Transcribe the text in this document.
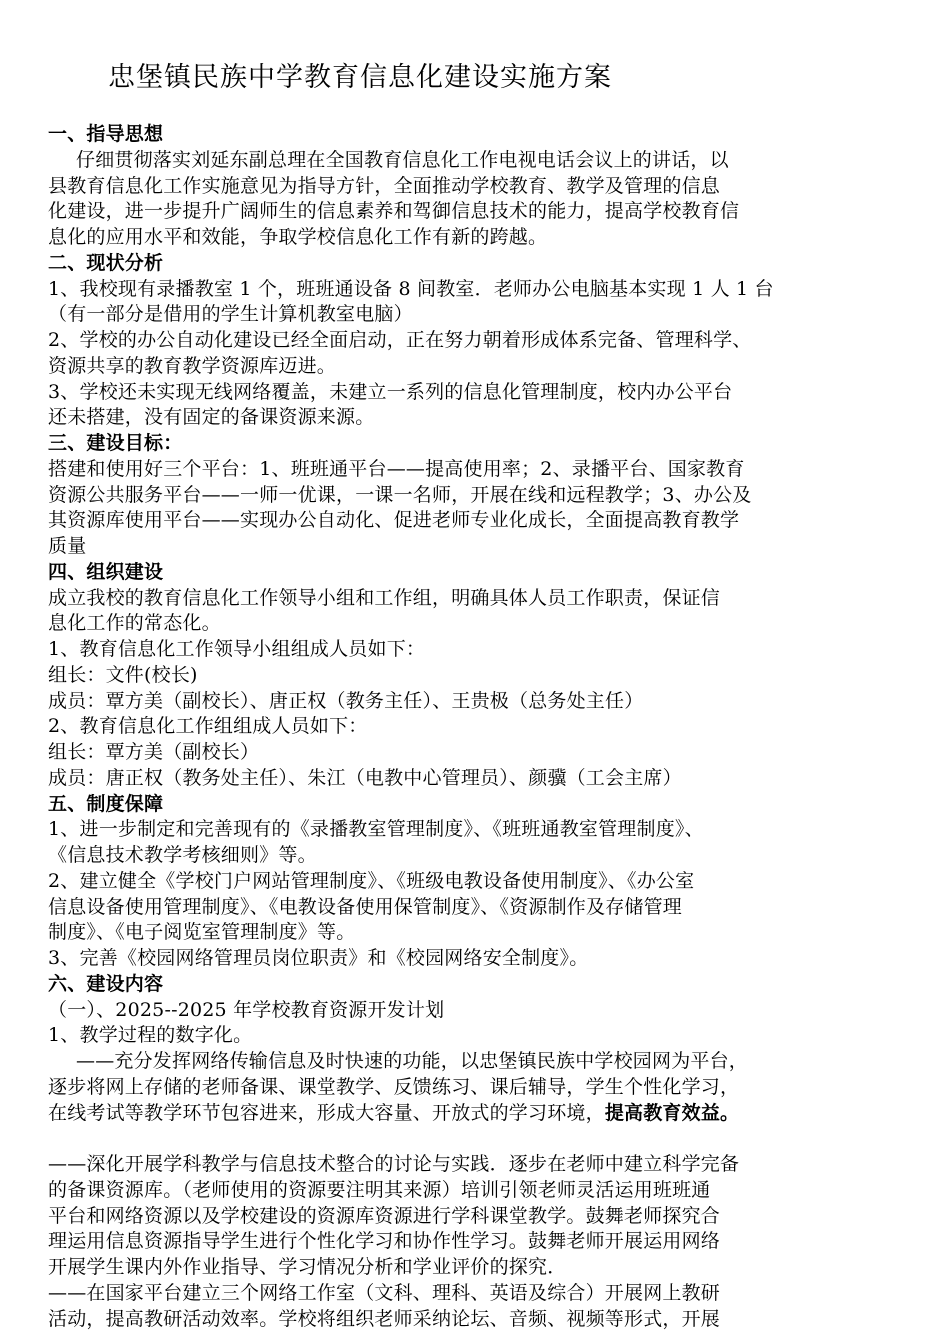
忠堡镇民族中学教育信息化建设实施方案
一、指导思想
仔细贯彻落实刘延东副总理在全国教育信息化工作电视电话会议上的讲话，以
县教育信息化工作实施意见为指导方针，全面推动学校教育、教学及管理的信息
化建设，进一步提升广阔师生的信息素养和驾御信息技术的能力，提高学校教育信
息化的应用水平和效能，争取学校信息化工作有新的跨越。
二、现状分析
1、我校现有录播教室 1 个，班班通设备 8 间教室．老师办公电脑基本实现 1 人 1 台
（有一部分是借用的学生计算机教室电脑）
2、学校的办公自动化建设已经全面启动，正在努力朝着形成体系完备、管理科学、
资源共享的教育教学资源库迈进。
3、学校还未实现无线网络覆盖，未建立一系列的信息化管理制度，校内办公平台
还未搭建，没有固定的备课资源来源。
三、建设目标：
搭建和使用好三个平台：1、班班通平台——提高使用率；2、录播平台、国家教育
资源公共服务平台——一师一优课，一课一名师，开展在线和远程教学；3、办公及
其资源库使用平台——实现办公自动化、促进老师专业化成长，全面提高教育教学
质量
四、组织建设
成立我校的教育信息化工作领导小组和工作组，明确具体人员工作职责，保证信
息化工作的常态化。
1、教育信息化工作领导小组组成人员如下：
组长：文件(校长)
成员：覃方美（副校长）、唐正权（教务主任）、王贵极（总务处主任）
2、教育信息化工作组组成人员如下：
组长：覃方美（副校长）
成员：唐正权（教务处主任）、朱江（电教中心管理员）、颜骥（工会主席）
五、制度保障
1、进一步制定和完善现有的《录播教室管理制度》、《班班通教室管理制度》、
《信息技术教学考核细则》等。
2、建立健全《学校门户网站管理制度》、《班级电教设备使用制度》、《办公室
信息设备使用管理制度》、《电教设备使用保管制度》、《资源制作及存储管理
制度》、《电子阅览室管理制度》等。
3、完善《校园网络管理员岗位职责》和《校园网络安全制度》。
六、建设内容
（一）、2025--2025 年学校教育资源开发计划
1、教学过程的数字化。
——充分发挥网络传输信息及时快速的功能，以忠堡镇民族中学校园网为平台，
逐步将网上存储的老师备课、课堂教学、反馈练习、课后辅导，学生个性化学习，
在线考试等教学环节包容进来，形成大容量、开放式的学习环境，提高教育效益。
——深化开展学科教学与信息技术整合的讨论与实践．逐步在老师中建立科学完备
的备课资源库。（老师使用的资源要注明其来源）培训引领老师灵活运用班班通
平台和网络资源以及学校建设的资源库资源进行学科课堂教学。鼓舞老师探究合
理运用信息资源指导学生进行个性化学习和协作性学习。鼓舞老师开展运用网络
开展学生课内外作业指导、学习情况分析和学业评价的探究．
——在国家平台建立三个网络工作室（文科、理科、英语及综合）开展网上教研
活动，提高教研活动效率。学校将组织老师采纳论坛、音频、视频等形式，开展
